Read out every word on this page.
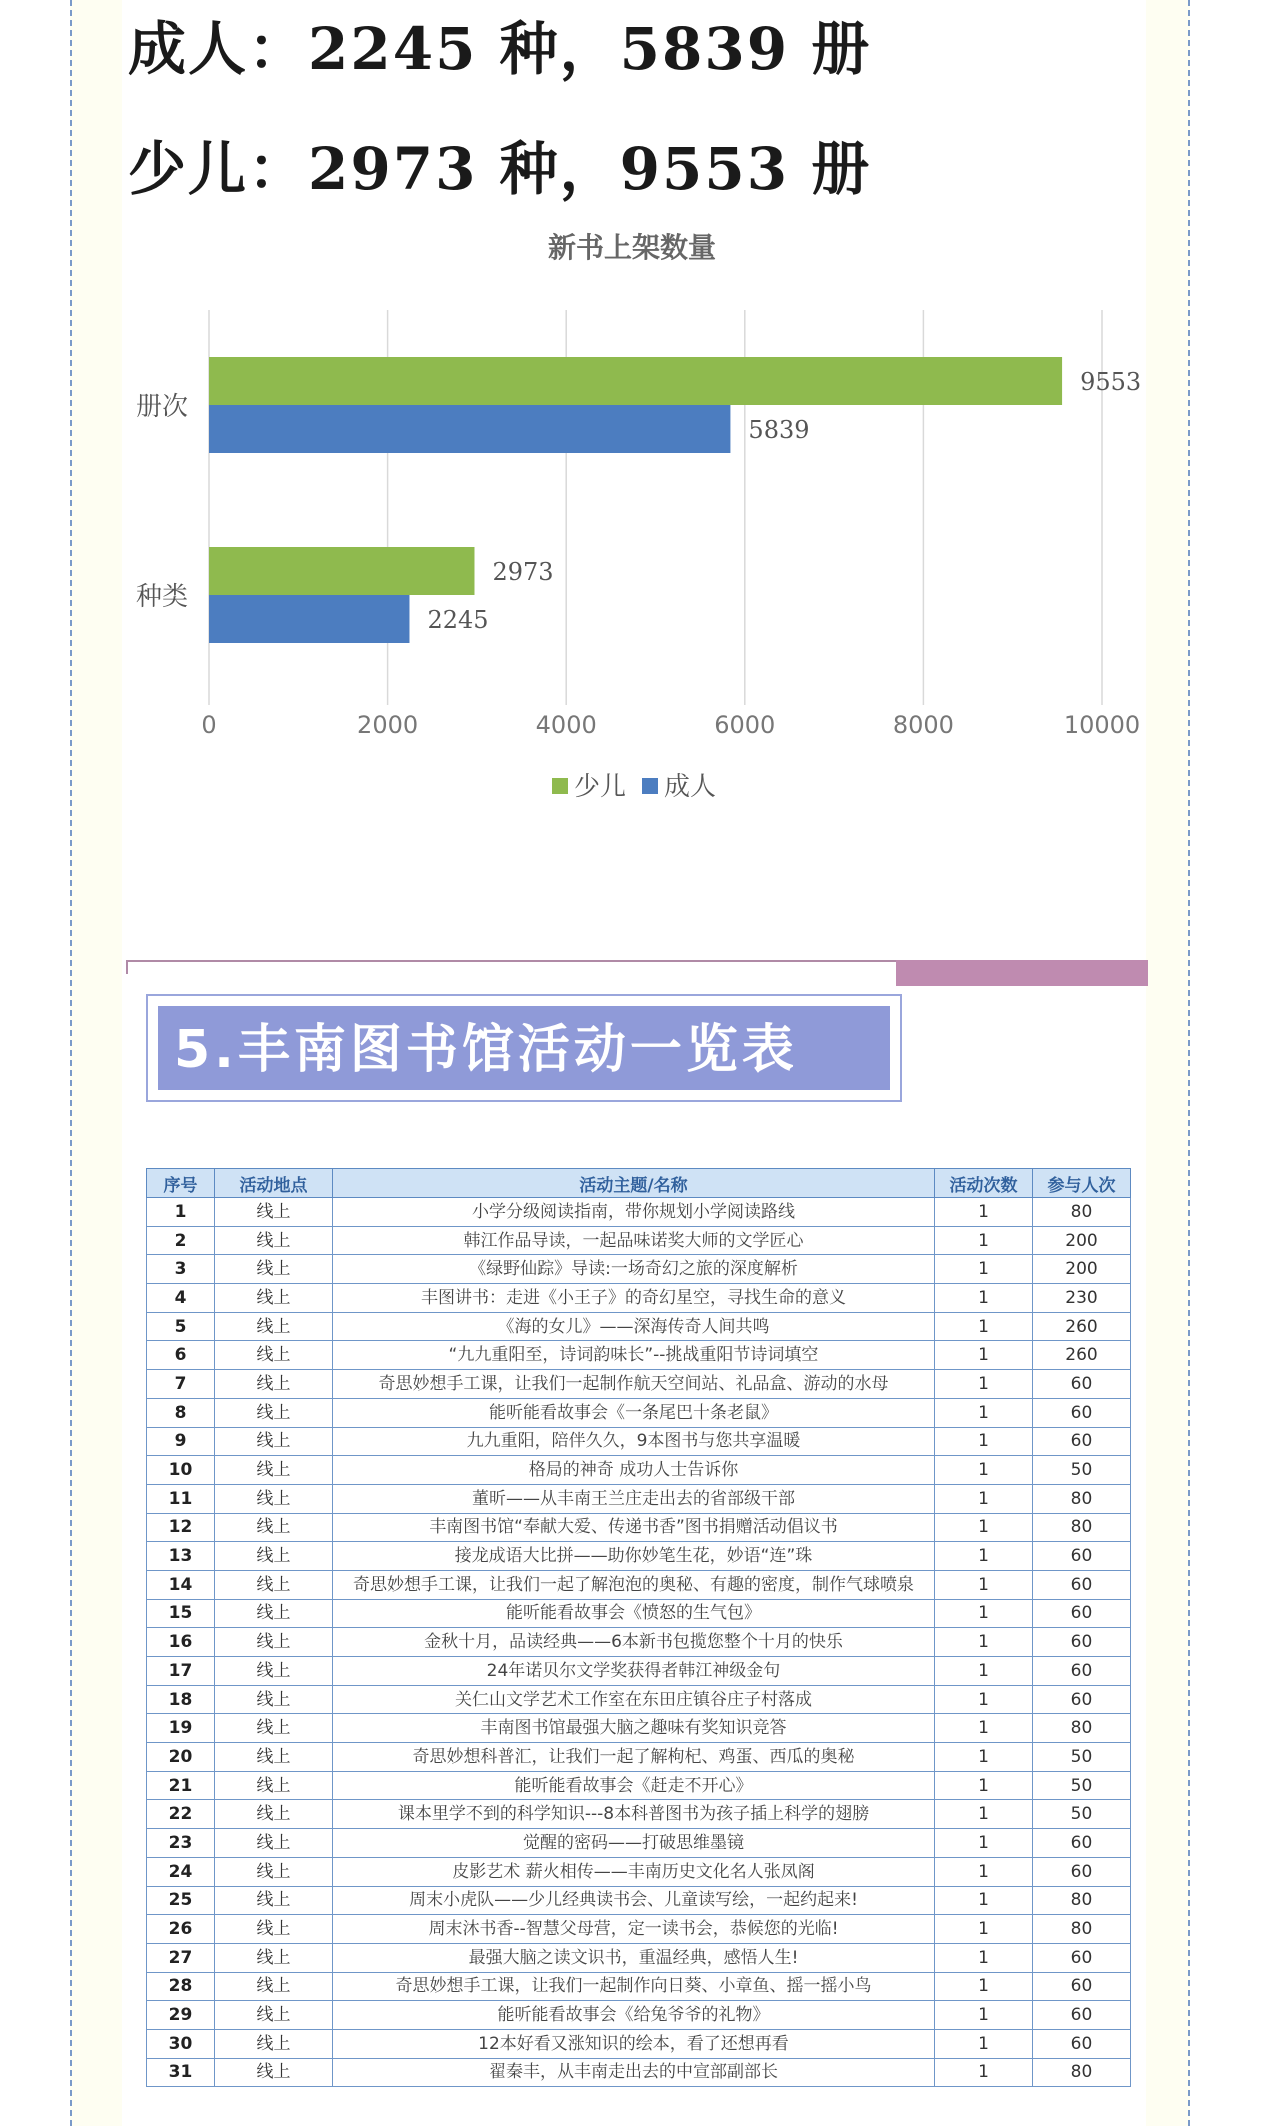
成人：2245 种，5839 册
少儿：2973 种，9553 册
新书上架数量
0	2000	4000	6000	8000	10000
册次
9553
5839
种类
2973
2245
少儿 成人
5.丰南图书馆活动一览表
序号	活动地点	活动主题/名称	活动次数	参与人次
1	线上	小学分级阅读指南，带你规划小学阅读路线	1	80
2	线上	韩江作品导读，一起品味诺奖大师的文学匠心	1	200
3	线上	《绿野仙踪》导读:一场奇幻之旅的深度解析	1	200
4	线上	丰图讲书：走进《小王子》的奇幻星空，寻找生命的意义	1	230
5	线上	《海的女儿》——深海传奇人间共鸣	1	260
6	线上	“九九重阳至，诗词韵味长”--挑战重阳节诗词填空	1	260
7	线上	奇思妙想手工课，让我们一起制作航天空间站、礼品盒、游动的水母	1	60
8	线上	能听能看故事会《一条尾巴十条老鼠》	1	60
9	线上	九九重阳，陪伴久久，9本图书与您共享温暖	1	60
10	线上	格局的神奇 成功人士告诉你	1	50
11	线上	董昕——从丰南王兰庄走出去的省部级干部	1	80
12	线上	丰南图书馆“奉献大爱、传递书香”图书捐赠活动倡议书	1	80
13	线上	接龙成语大比拼——助你妙笔生花，妙语“连”珠	1	60
14	线上	奇思妙想手工课，让我们一起了解泡泡的奥秘、有趣的密度，制作气球喷泉	1	60
15	线上	能听能看故事会《愤怒的生气包》	1	60
16	线上	金秋十月，品读经典——6本新书包揽您整个十月的快乐	1	60
17	线上	24年诺贝尔文学奖获得者韩江神级金句	1	60
18	线上	关仁山文学艺术工作室在东田庄镇谷庄子村落成	1	60
19	线上	丰南图书馆最强大脑之趣味有奖知识竞答	1	80
20	线上	奇思妙想科普汇，让我们一起了解枸杞、鸡蛋、西瓜的奥秘	1	50
21	线上	能听能看故事会《赶走不开心》	1	50
22	线上	课本里学不到的科学知识---8本科普图书为孩子插上科学的翅膀	1	50
23	线上	觉醒的密码——打破思维墨镜	1	60
24	线上	皮影艺术 薪火相传——丰南历史文化名人张凤阁	1	60
25	线上	周末小虎队——少儿经典读书会、儿童读写绘，一起约起来!	1	80
26	线上	周末沐书香--智慧父母营，定一读书会，恭候您的光临!	1	80
27	线上	最强大脑之读文识书，重温经典，感悟人生!	1	60
28	线上	奇思妙想手工课，让我们一起制作向日葵、小章鱼、摇一摇小鸟	1	60
29	线上	能听能看故事会《给兔爷爷的礼物》	1	60
30	线上	12本好看又涨知识的绘本，看了还想再看	1	60
31	线上	翟秦丰，从丰南走出去的中宣部副部长	1	80
